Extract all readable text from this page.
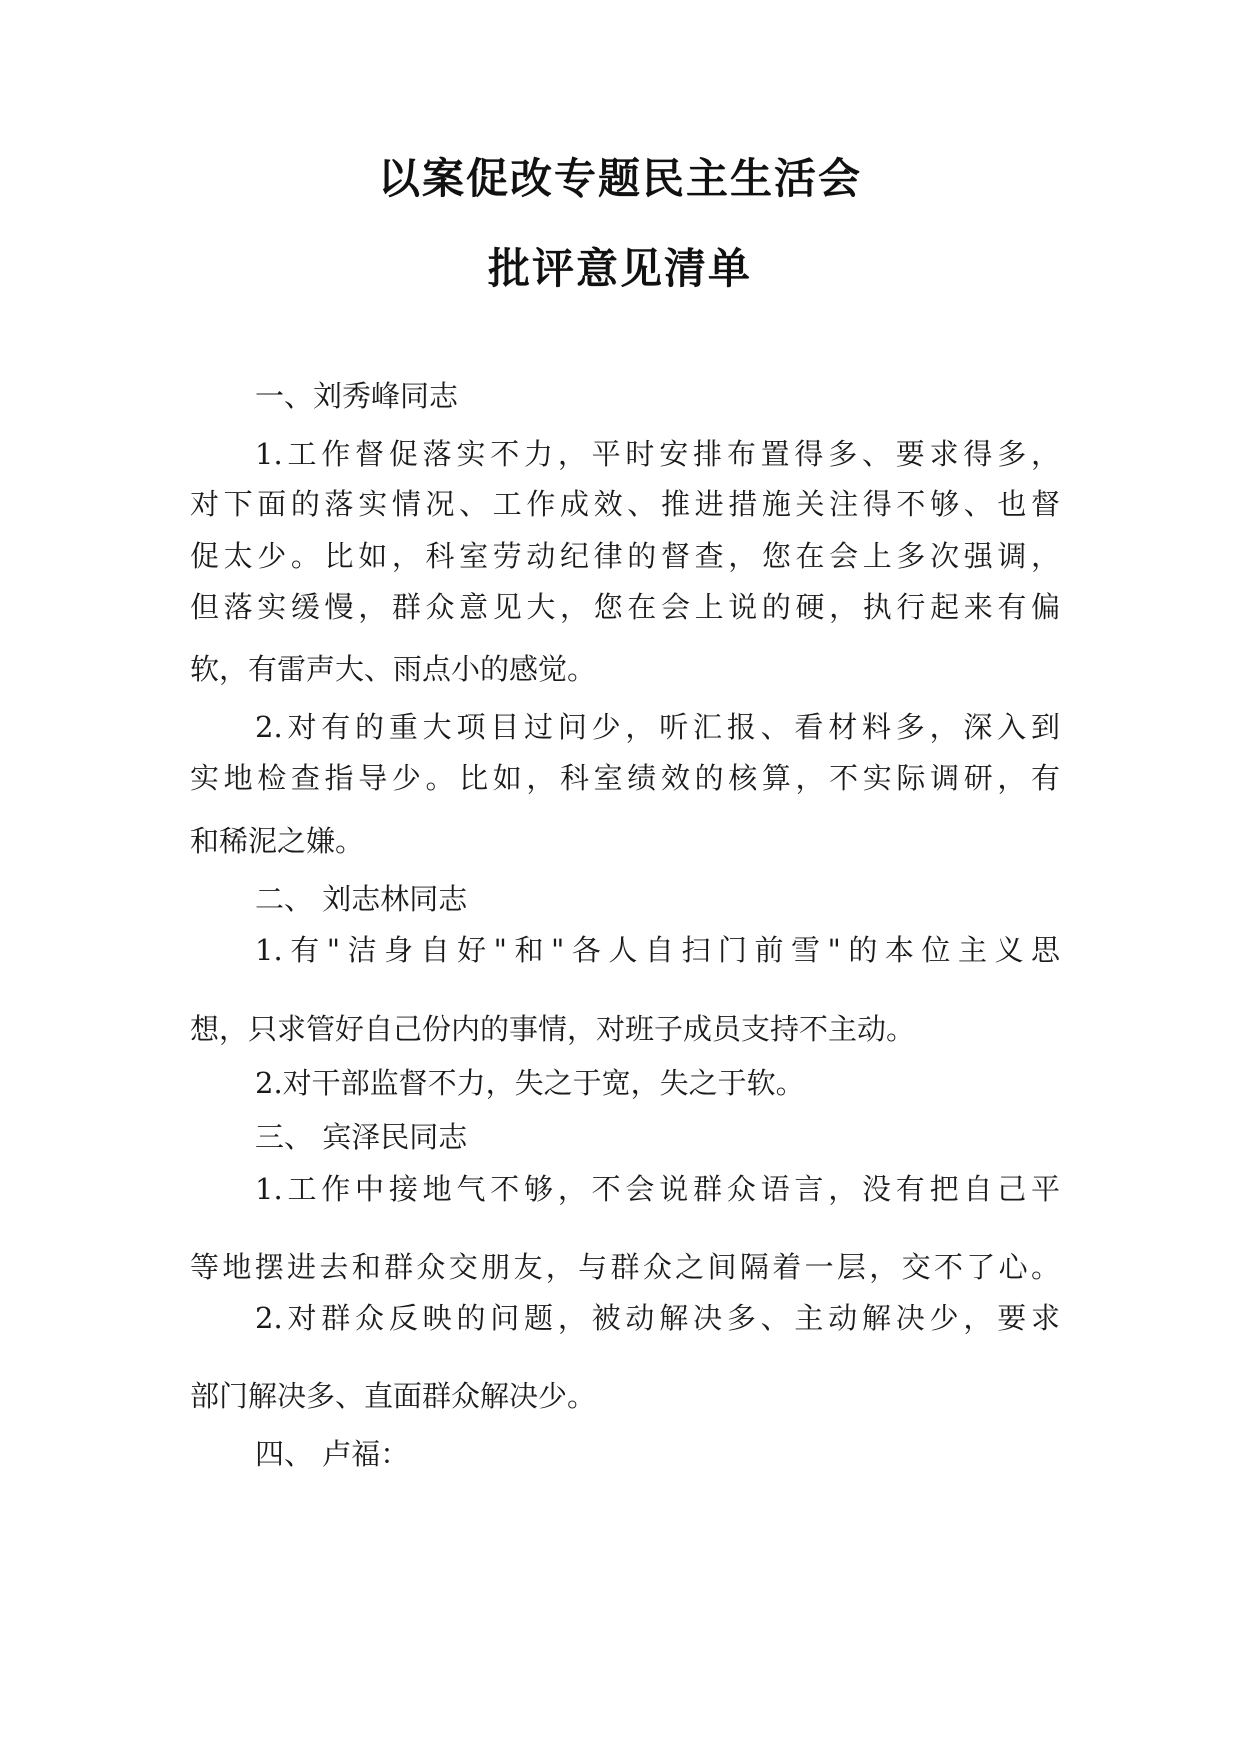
以案促改专题民主生活会
批评意见清单

一、刘秀峰同志

1.工作督促落实不力，平时安排布置得多、要求得多，

对下面的落实情况、工作成效、推进措施关注得不够、也督

促太少。比如，科室劳动纪律的督查，您在会上多次强调，

但落实缓慢，群众意见大，您在会上说的硬，执行起来有偏

软，有雷声大、雨点小的感觉。

2.对有的重大项目过问少，听汇报、看材料多，深入到

实地检查指导少。比如，科室绩效的核算，不实际调研，有

和稀泥之嫌。

二、 刘志林同志

1.有"洁身自好"和"各人自扫门前雪"的本位主义思

想，只求管好自己份内的事情，对班子成员支持不主动。

2.对干部监督不力，失之于宽，失之于软。

三、 宾泽民同志

1.工作中接地气不够，不会说群众语言，没有把自己平

等地摆进去和群众交朋友，与群众之间隔着一层，交不了心。

2.对群众反映的问题，被动解决多、主动解决少，要求

部门解决多、直面群众解决少。

四、 卢福：
